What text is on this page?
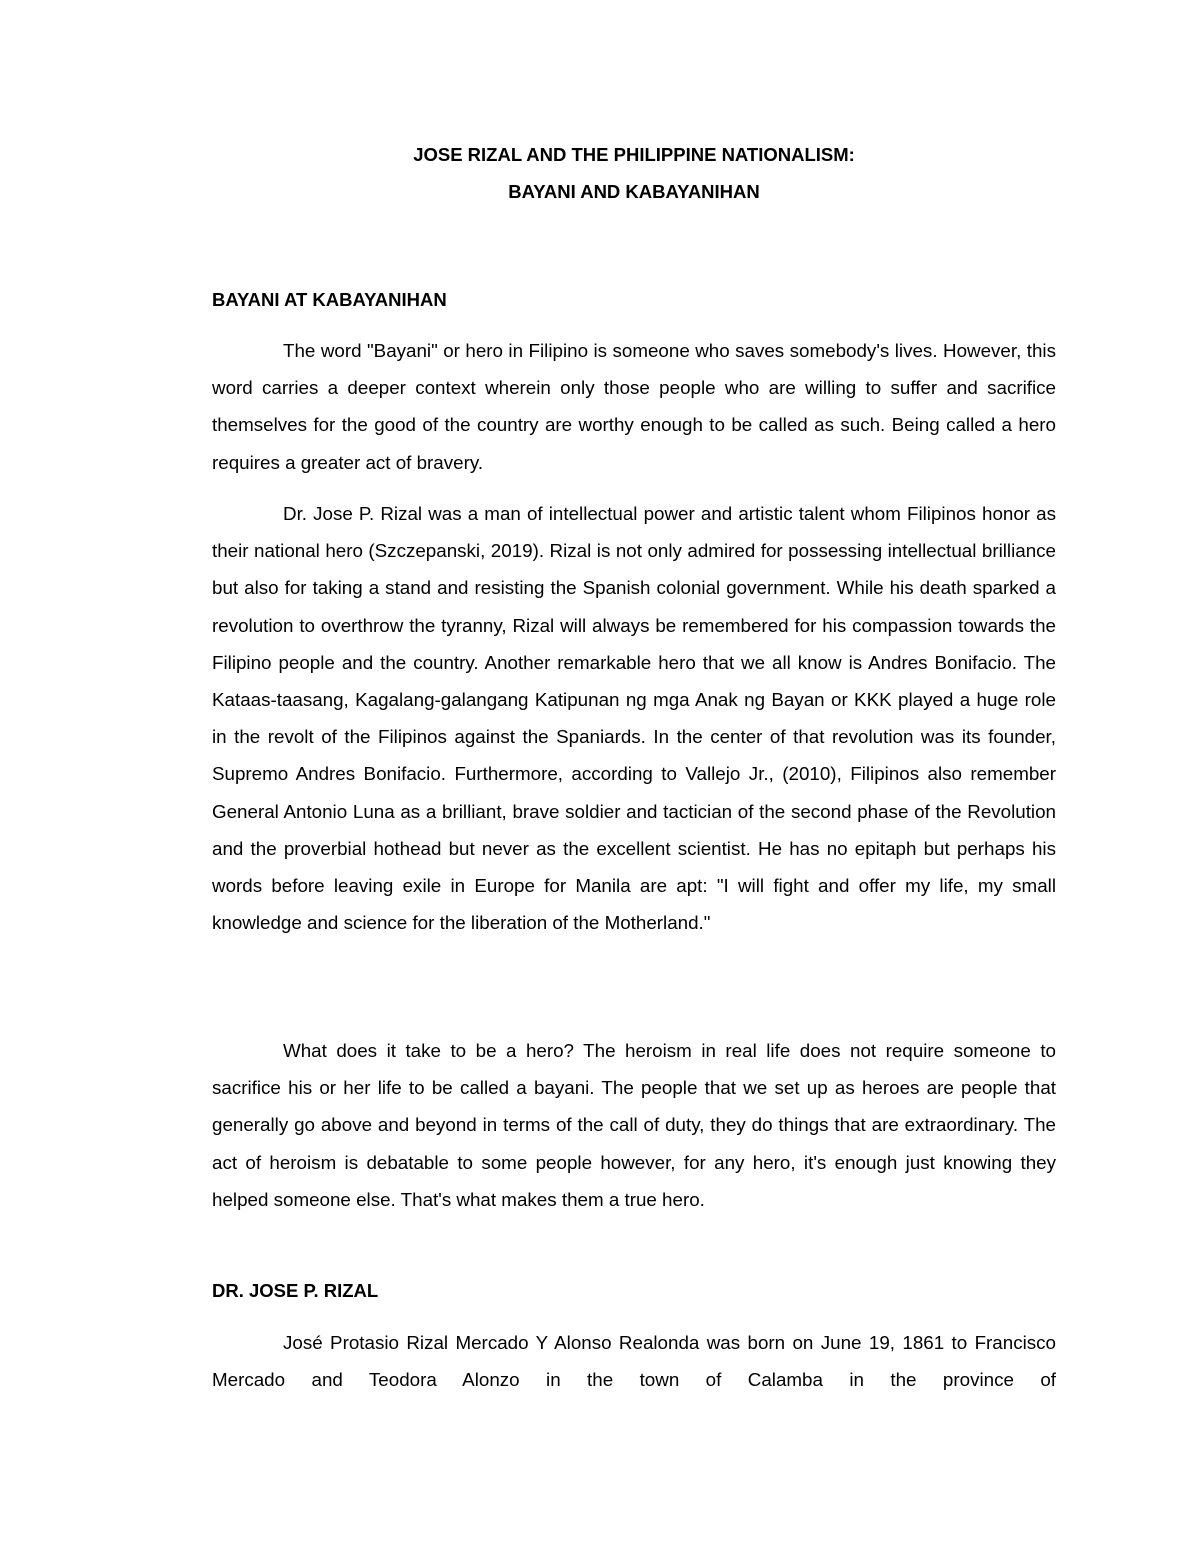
JOSE RIZAL AND THE PHILIPPINE NATIONALISM:
BAYANI AND KABAYANIHAN
BAYANI AT KABAYANIHAN

The word "Bayani" or hero in Filipino is someone who saves somebody's lives. However, this word carries a deeper context wherein only those people who are willing to suffer and sacrifice themselves for the good of the country are worthy enough to be called as such. Being called a hero requires a greater act of bravery.

Dr. Jose P. Rizal was a man of intellectual power and artistic talent whom Filipinos honor as their national hero (Szczepanski, 2019). Rizal is not only admired for possessing intellectual brilliance but also for taking a stand and resisting the Spanish colonial government. While his death sparked a revolution to overthrow the tyranny, Rizal will always be remembered for his compassion towards the Filipino people and the country. Another remarkable hero that we all know is Andres Bonifacio. The Kataas-taasang, Kagalang-galangang Katipunan ng mga Anak ng Bayan or KKK played a huge role in the revolt of the Filipinos against the Spaniards. In the center of that revolution was its founder, Supremo Andres Bonifacio. Furthermore, according to Vallejo Jr., (2010), Filipinos also remember General Antonio Luna as a brilliant, brave soldier and tactician of the second phase of the Revolution and the proverbial hothead but never as the excellent scientist. He has no epitaph but perhaps his words before leaving exile in Europe for Manila are apt: "I will fight and offer my life, my small knowledge and science for the liberation of the Motherland."

What does it take to be a hero? The heroism in real life does not require someone to sacrifice his or her life to be called a bayani. The people that we set up as heroes are people that generally go above and beyond in terms of the call of duty, they do things that are extraordinary. The act of heroism is debatable to some people however, for any hero, it's enough just knowing they helped someone else. That's what makes them a true hero.

DR. JOSE P. RIZAL

José Protasio Rizal Mercado Y Alonso Realonda was born on June 19, 1861 to Francisco Mercado and Teodora Alonzo in the town of Calamba in the province of
